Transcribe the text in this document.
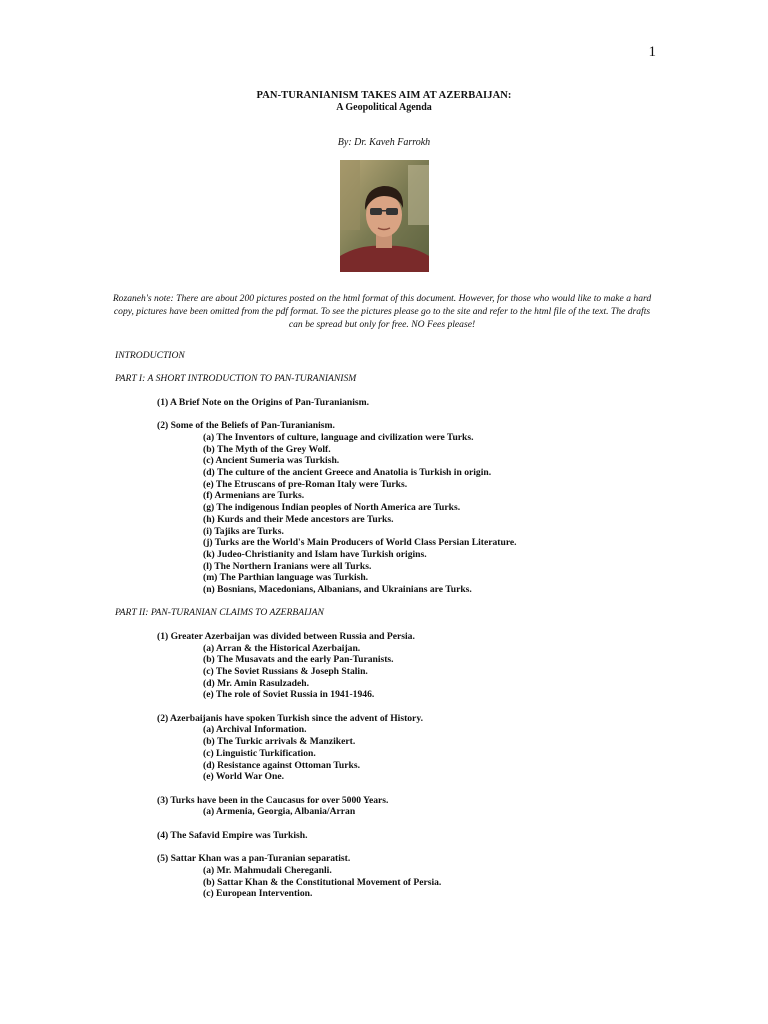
1
PAN-TURANIANISM TAKES AIM AT AZERBAIJAN:
A Geopolitical Agenda
By: Dr. Kaveh Farrokh
Rozaneh's note: There are about 200 pictures posted on the html format of this document. However, for those who would like to make a hard copy, pictures have been omitted from the pdf format. To see the pictures please go to the site and refer to the html file of the text. The drafts can be spread but only for free. NO Fees please!
INTRODUCTION
PART I: A SHORT INTRODUCTION TO PAN-TURANIANISM
(1) A Brief Note on the Origins of Pan-Turanianism.
(2) Some of the Beliefs of Pan-Turanianism.
(a) The Inventors of culture, language and civilization were Turks.
(b) The Myth of the Grey Wolf.
(c) Ancient Sumeria was Turkish.
(d) The culture of the ancient Greece and Anatolia is Turkish in origin.
(e) The Etruscans of pre-Roman Italy were Turks.
(f) Armenians are Turks.
(g) The indigenous Indian peoples of North America are Turks.
(h) Kurds and their Mede ancestors are Turks.
(i) Tajiks are Turks.
(j) Turks are the World's Main Producers of World Class Persian Literature.
(k) Judeo-Christianity and Islam have Turkish origins.
(l) The Northern Iranians were all Turks.
(m) The Parthian language was Turkish.
(n) Bosnians, Macedonians, Albanians, and Ukrainians are Turks.
PART II: PAN-TURANIAN CLAIMS TO AZERBAIJAN
(1) Greater Azerbaijan was divided between Russia and Persia.
(a) Arran & the Historical Azerbaijan.
(b) The Musavats and the early Pan-Turanists.
(c) The Soviet Russians & Joseph Stalin.
(d) Mr. Amin Rasulzadeh.
(e) The role of Soviet Russia in 1941-1946.
(2) Azerbaijanis have spoken Turkish since the advent of History.
(a) Archival Information.
(b) The Turkic arrivals & Manzikert.
(c) Linguistic Turkification.
(d) Resistance against Ottoman Turks.
(e) World War One.
(3) Turks have been in the Caucasus for over 5000 Years.
(a) Armenia, Georgia, Albania/Arran
(4) The Safavid Empire was Turkish.
(5) Sattar Khan was a pan-Turanian separatist.
(a) Mr. Mahmudali Chereganli.
(b) Sattar Khan & the Constitutional Movement of Persia.
(c) European Intervention.
